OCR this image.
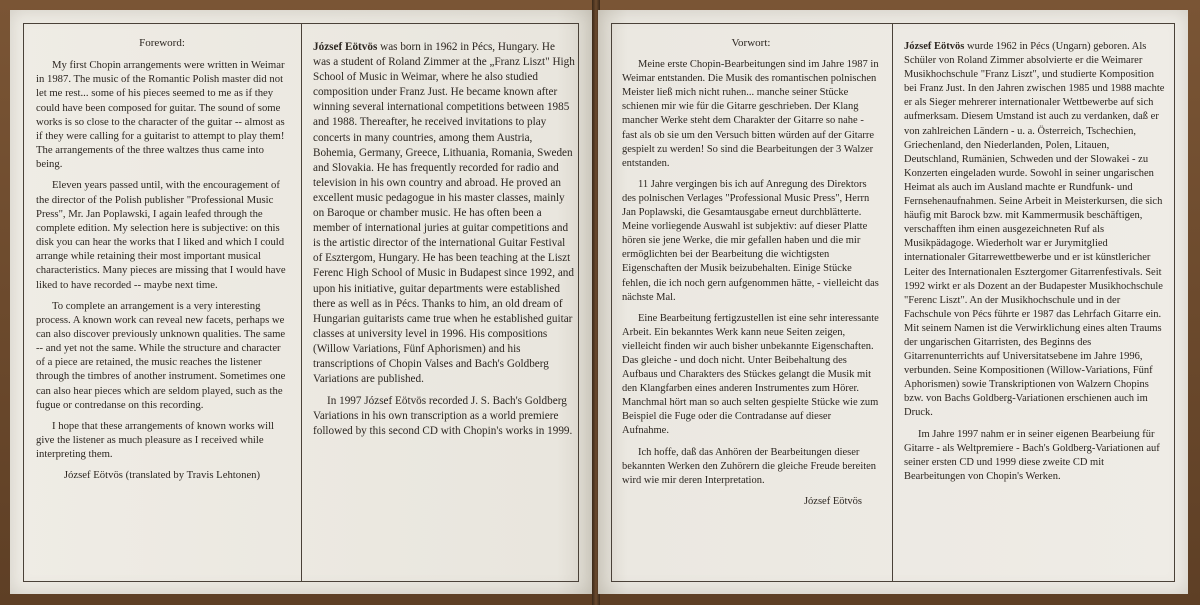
Foreword:

My first Chopin arrangements were written in Weimar in 1987. The music of the Romantic Polish master did not let me rest... some of his pieces seemed to me as if they could have been composed for guitar. The sound of some works is so close to the character of the guitar -- almost as if they were calling for a guitarist to attempt to play them! The arrangements of the three waltzes thus came into being.

Eleven years passed until, with the encouragement of the director of the Polish publisher "Professional Music Press", Mr. Jan Poplawski, I again leafed through the complete edition. My selection here is subjective: on this disk you can hear the works that I liked and which I could arrange while retaining their most important musical characteristics. Many pieces are missing that I would have liked to have recorded -- maybe next time.

To complete an arrangement is a very interesting process. A known work can reveal new facets, perhaps we can also discover previously unknown qualities. The same -- and yet not the same. While the structure and character of a piece are retained, the music reaches the listener through the timbres of another instrument. Sometimes one can also hear pieces which are seldom played, such as the fugue or contredanse on this recording.

I hope that these arrangements of known works will give the listener as much pleasure as I received while interpreting them.

József Eötvös (translated by Travis Lehtonen)

József Eötvös was born in 1962 in Pécs, Hungary. He was a student of Roland Zimmer at the „Franz Liszt" High School of Music in Weimar, where he also studied composition under Franz Just. He became known after winning several international competitions between 1985 and 1988. Thereafter, he received invitations to play concerts in many countries, among them Austria, Bohemia, Germany, Greece, Lithuania, Romania, Sweden and Slovakia. He has frequently recorded for radio and television in his own country and abroad. He proved an excellent music pedagogue in his master classes, mainly on Baroque or chamber music. He has often been a member of international juries at guitar competitions and is the artistic director of the international Guitar Festival of Esztergom, Hungary. He has been teaching at the Liszt Ferenc High School of Music in Budapest since 1992, and upon his initiative, guitar departments were established there as well as in Pécs. Thanks to him, an old dream of Hungarian guitarists came true when he established guitar classes at university level in 1996. His compositions (Willow Variations, Fünf Aphorismen) and his transcriptions of Chopin Valses and Bach's Goldberg Variations are published.

In 1997 József Eötvös recorded J. S. Bach's Goldberg Variations in his own transcription as a world premiere followed by this second CD with Chopin's works in 1999.

Vorwort:

Meine erste Chopin-Bearbeitungen sind im Jahre 1987 in Weimar entstanden. Die Musik des romantischen polnischen Meister ließ mich nicht ruhen... manche seiner Stücke schienen mir wie für die Gitarre geschrieben. Der Klang mancher Werke steht dem Charakter der Gitarre so nahe - fast als ob sie um den Versuch bitten würden auf der Gitarre gespielt zu werden! So sind die Bearbeitungen der 3 Walzer entstanden.

11 Jahre vergingen bis ich auf Anregung des Direktors des polnischen Verlages "Professional Music Press", Herrn Jan Poplawski, die Gesamtausgabe erneut durchblätterte. Meine vorliegende Auswahl ist subjektiv: auf dieser Platte hören sie jene Werke, die mir gefallen haben und die mir ermöglichten bei der Bearbeitung die wichtigsten Eigenschaften der Musik beizubehalten. Einige Stücke fehlen, die ich noch gern aufgenommen hätte, - vielleicht das nächste Mal.

Eine Bearbeitung fertigzustellen ist eine sehr interessante Arbeit. Ein bekanntes Werk kann neue Seiten zeigen, vielleicht finden wir auch bisher unbekannte Eigenschaften. Das gleiche - und doch nicht. Unter Beibehaltung des Aufbaus und Charakters des Stückes gelangt die Musik mit den Klangfarben eines anderen Instrumentes zum Hörer. Manchmal hört man so auch selten gespielte Stücke wie zum Beispiel die Fuge oder die Contradanse auf dieser Aufnahme.

Ich hoffe, daß das Anhören der Bearbeitungen dieser bekannten Werken den Zuhörern die gleiche Freude bereiten wird wie mir deren Interpretation.

József Eötvös

József Eötvös wurde 1962 in Pécs (Ungarn) geboren. Als Schüler von Roland Zimmer absolvierte er die Weimarer Musikhochschule "Franz Liszt", und studierte Komposition bei Franz Just. In den Jahren zwischen 1985 und 1988 machte er als Sieger mehrerer internationaler Wettbewerbe auf sich aufmerksam. Diesem Umstand ist auch zu verdanken, daß er von zahlreichen Ländern - u. a. Österreich, Tschechien, Griechenland, den Niederlanden, Polen, Litauen, Deutschland, Rumänien, Schweden und der Slowakei - zu Konzerten eingeladen wurde. Sowohl in seiner ungarischen Heimat als auch im Ausland machte er Rundfunk- und Fernsehenaufnahmen. Seine Arbeit in Meisterkursen, die sich häufig mit Barock bzw. mit Kammermusik beschäftigen, verschafften ihm einen ausgezeichneten Ruf als Musikpädagoge. Wiederholt war er Jurymitglied internationaler Gitarrewettbewerbe und er ist künstlericher Leiter des Internationalen Esztergomer Gitarrenfestivals. Seit 1992 wirkt er als Dozent an der Budapester Musikhochschule "Ferenc Liszt". An der Musikhochschule und in der Fachschule von Pécs führte er 1987 das Lehrfach Gitarre ein. Mit seinem Namen ist die Verwirklichung eines alten Traums der ungarischen Gitarristen, des Beginns des Gitarrenunterrichts auf Universitatsebene im Jahre 1996, verbunden. Seine Kompositionen (Willow-Variations, Fünf Aphorismen) sowie Transkriptionen von Walzern Chopins bzw. von Bachs Goldberg-Variationen erschienen auch im Druck.

Im Jahre 1997 nahm er in seiner eigenen Bearbeiung für Gitarre - als Weltpremiere - Bach's Goldberg-Variationen auf seiner ersten CD und 1999 diese zweite CD mit Bearbeitungen von Chopin's Werken.
